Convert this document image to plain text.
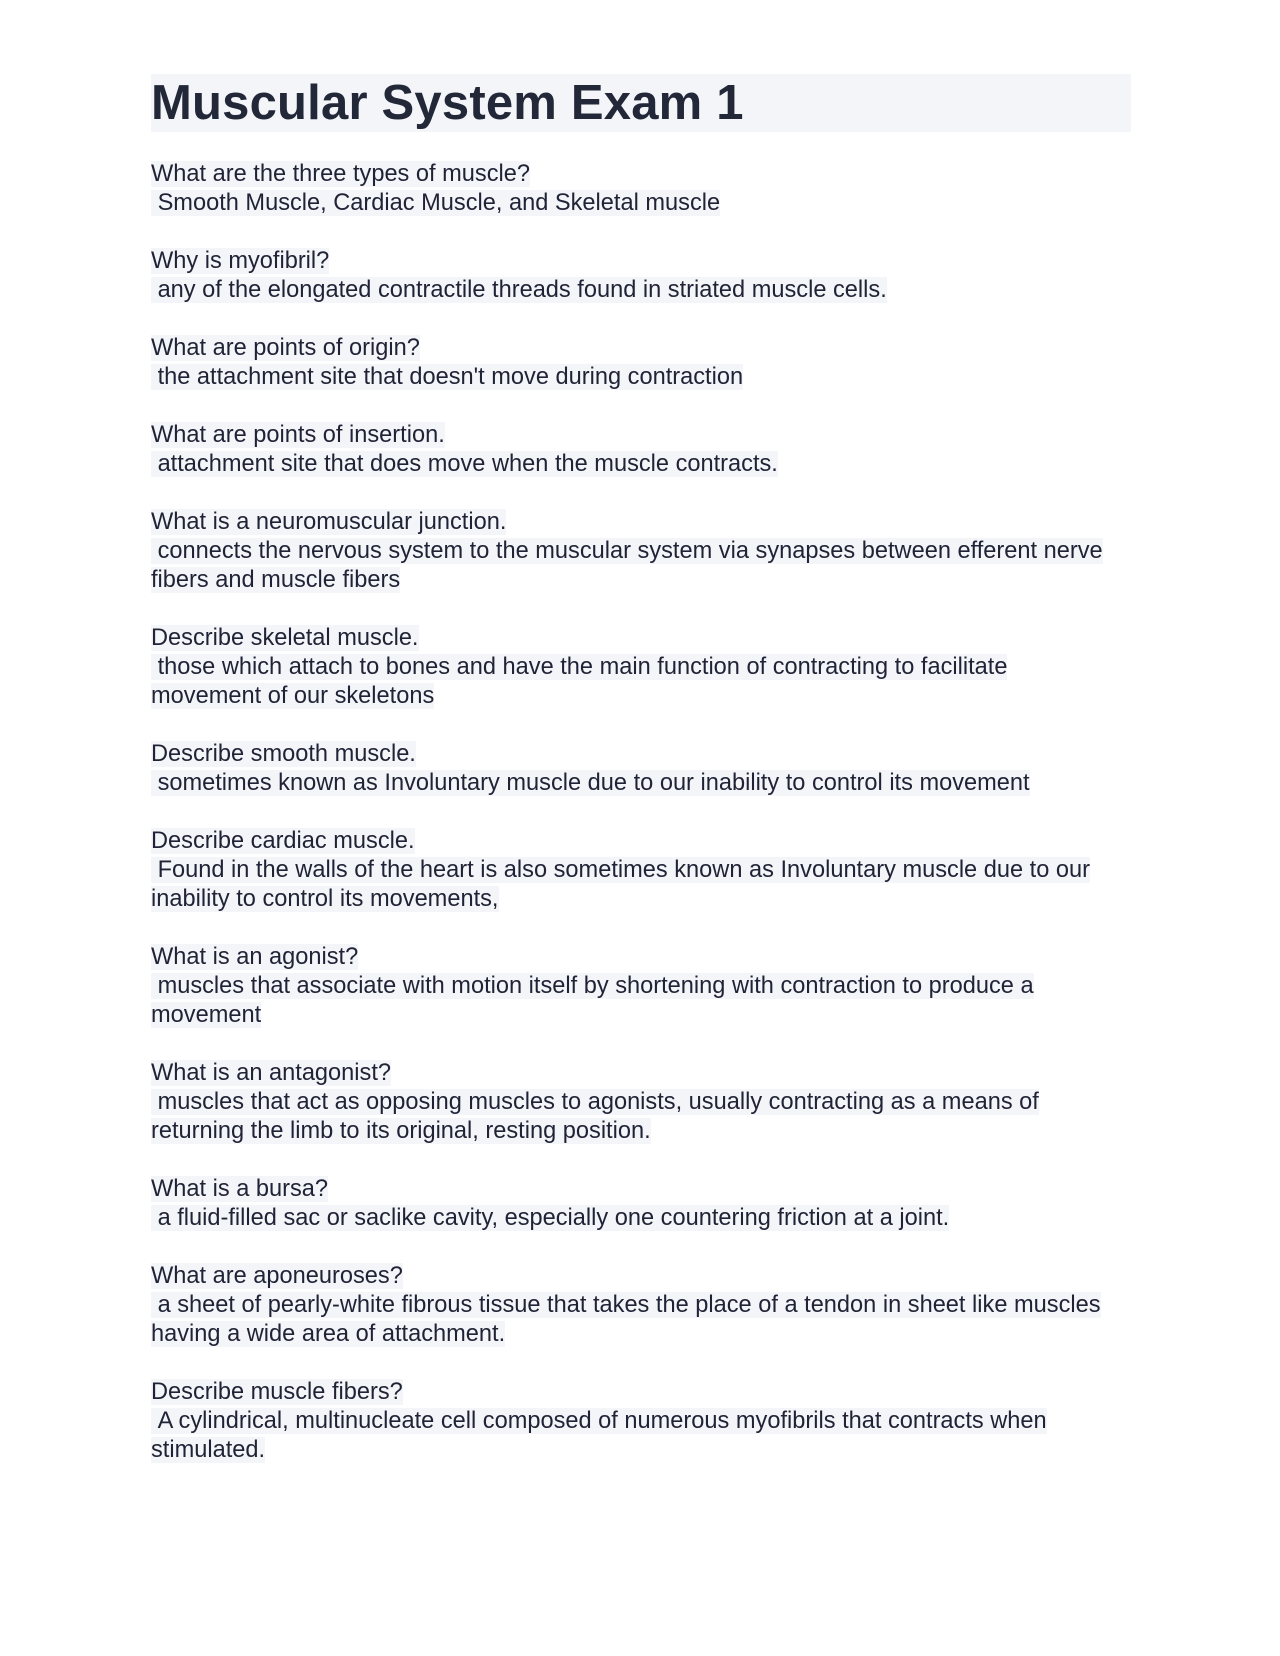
Muscular System Exam 1
What are the three types of muscle?
Smooth Muscle, Cardiac Muscle, and Skeletal muscle
Why is myofibril?
any of the elongated contractile threads found in striated muscle cells.
What are points of origin?
the attachment site that doesn't move during contraction
What are points of insertion.
attachment site that does move when the muscle contracts.
What is a neuromuscular junction.
connects the nervous system to the muscular system via synapses between efferent nerve fibers and muscle fibers
Describe skeletal muscle.
those which attach to bones and have the main function of contracting to facilitate movement of our skeletons
Describe smooth muscle.
sometimes known as Involuntary muscle due to our inability to control its movement
Describe cardiac muscle.
Found in the walls of the heart is also sometimes known as Involuntary muscle due to our inability to control its movements,
What is an agonist?
muscles that associate with motion itself by shortening with contraction to produce a movement
What is an antagonist?
muscles that act as opposing muscles to agonists, usually contracting as a means of returning the limb to its original, resting position.
What is a bursa?
a fluid-filled sac or saclike cavity, especially one countering friction at a joint.
What are aponeuroses?
a sheet of pearly-white fibrous tissue that takes the place of a tendon in sheet like muscles having a wide area of attachment.
Describe muscle fibers?
A cylindrical, multinucleate cell composed of numerous myofibrils that contracts when stimulated.
